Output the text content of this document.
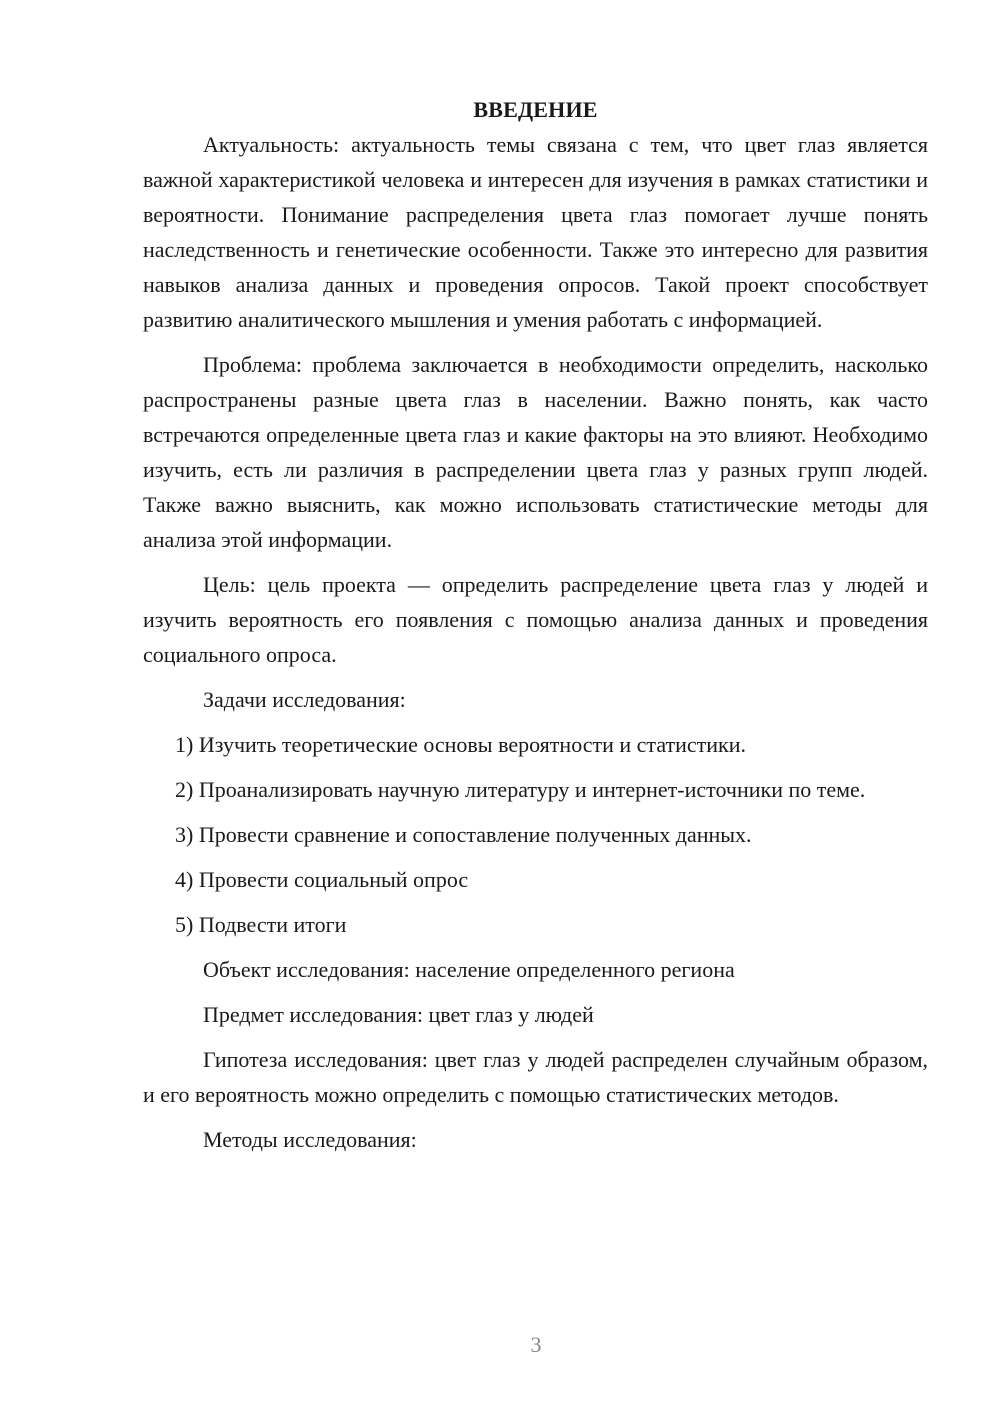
ВВЕДЕНИЕ

Актуальность: актуальность темы связана с тем, что цвет глаз является важной характеристикой человека и интересен для изучения в рамках статистики и вероятности. Понимание распределения цвета глаз помогает лучше понять наследственность и генетические особенности. Также это интересно для развития навыков анализа данных и проведения опросов. Такой проект способствует развитию аналитического мышления и умения работать с информацией.

Проблема: проблема заключается в необходимости определить, насколько распространены разные цвета глаз в населении. Важно понять, как часто встречаются определенные цвета глаз и какие факторы на это влияют. Необходимо изучить, есть ли различия в распределении цвета глаз у разных групп людей. Также важно выяснить, как можно использовать статистические методы для анализа этой информации.

Цель: цель проекта — определить распределение цвета глаз у людей и изучить вероятность его появления с помощью анализа данных и проведения социального опроса.

Задачи исследования:

1) Изучить теоретические основы вероятности и статистики.

2) Проанализировать научную литературу и интернет-источники по теме.

3) Провести сравнение и сопоставление полученных данных.

4) Провести социальный опрос

5) Подвести итоги

Объект исследования: население определенного региона

Предмет исследования: цвет глаз у людей

Гипотеза исследования: цвет глаз у людей распределен случайным образом, и его вероятность можно определить с помощью статистических методов.

Методы исследования:

3
